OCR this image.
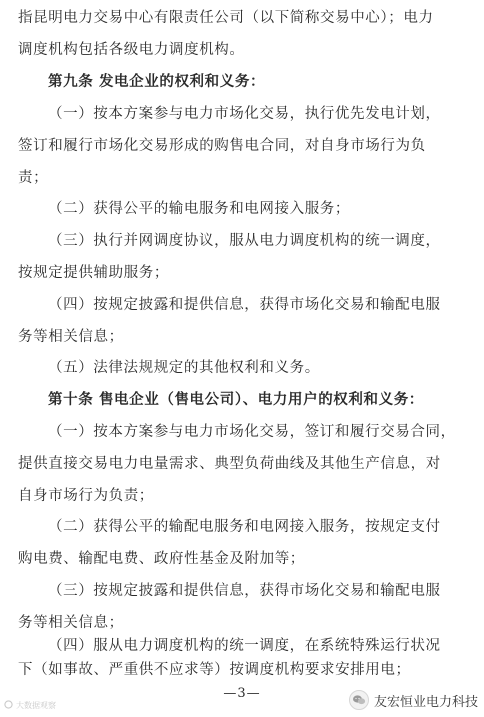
指昆明电力交易中心有限责任公司（以下简称交易中心）；电力
调度机构包括各级电力调度机构。
第九条 发电企业的权利和义务：
（一）按本方案参与电力市场化交易，执行优先发电计划，
签订和履行市场化交易形成的购售电合同，对自身市场行为负
责；
（二）获得公平的输电服务和电网接入服务；
（三）执行并网调度协议，服从电力调度机构的统一调度，
按规定提供辅助服务；
（四）按规定披露和提供信息，获得市场化交易和输配电服
务等相关信息；
（五）法律法规规定的其他权利和义务。
第十条 售电企业（售电公司）、电力用户的权利和义务：
（一）按本方案参与电力市场化交易，签订和履行交易合同，
提供直接交易电力电量需求、典型负荷曲线及其他生产信息，对
自身市场行为负责；
（二）获得公平的输配电服务和电网接入服务，按规定支付
购电费、输配电费、政府性基金及附加等；
（三）按规定披露和提供信息，获得市场化交易和输配电服
务等相关信息；
（四）服从电力调度机构的统一调度，在系统特殊运行状况
下（如事故、严重供不应求等）按调度机构要求安排用电；
—3—
大数据观察	友宏恒业电力科技
